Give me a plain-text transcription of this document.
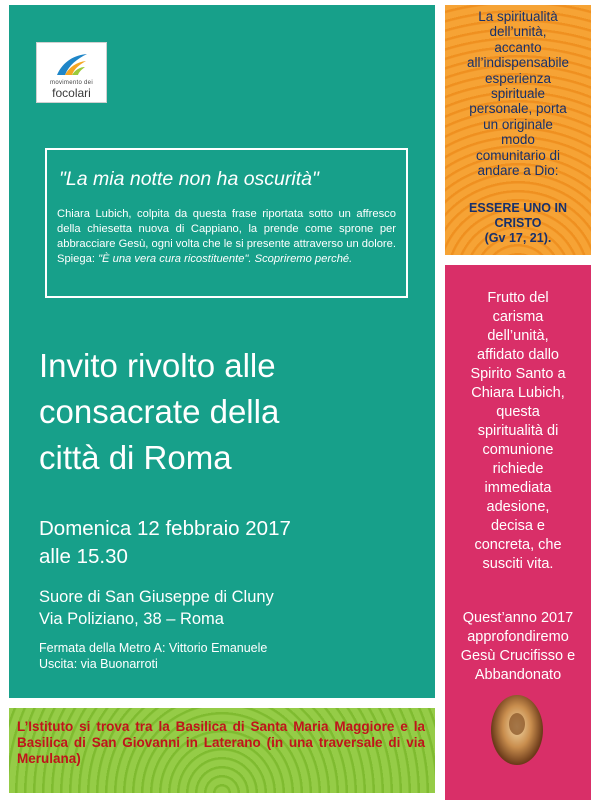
movimento dei
focolari
"La mia notte non ha oscurità"
Chiara Lubich, colpita da questa frase riportata sotto un affresco della chiesetta nuova di Cappiano, la prende come sprone per abbracciare Gesù, ogni volta che le si presente attraverso un dolore. Spiega: "È una vera cura ricostituente". Scopriremo perché.
Invito rivolto alle
consacrate della
città di Roma
Domenica 12 febbraio 2017
alle 15.30
Suore di San Giuseppe di Cluny
Via Poliziano, 38 – Roma
Fermata della Metro A: Vittorio Emanuele
Uscita: via Buonarroti
La spiritualità
dell’unità,
accanto
all’indispensabile
esperienza
spirituale
personale, porta
un originale
modo
comunitario di
andare a Dio:
ESSERE UNO IN
CRISTO
(Gv 17, 21).
Frutto del
carisma
dell’unità,
affidato dallo
Spirito Santo a
Chiara Lubich,
questa
spiritualità di
comunione
richiede
immediata
adesione,
decisa e
concreta, che
susciti vita.
Quest’anno 2017
approfondiremo
Gesù Crucifisso e
Abbandonato
L’Istituto si trova tra la Basilica di Santa Maria Maggiore e la Basilica di San Giovanni in Laterano (in una traversale di via Merulana)
